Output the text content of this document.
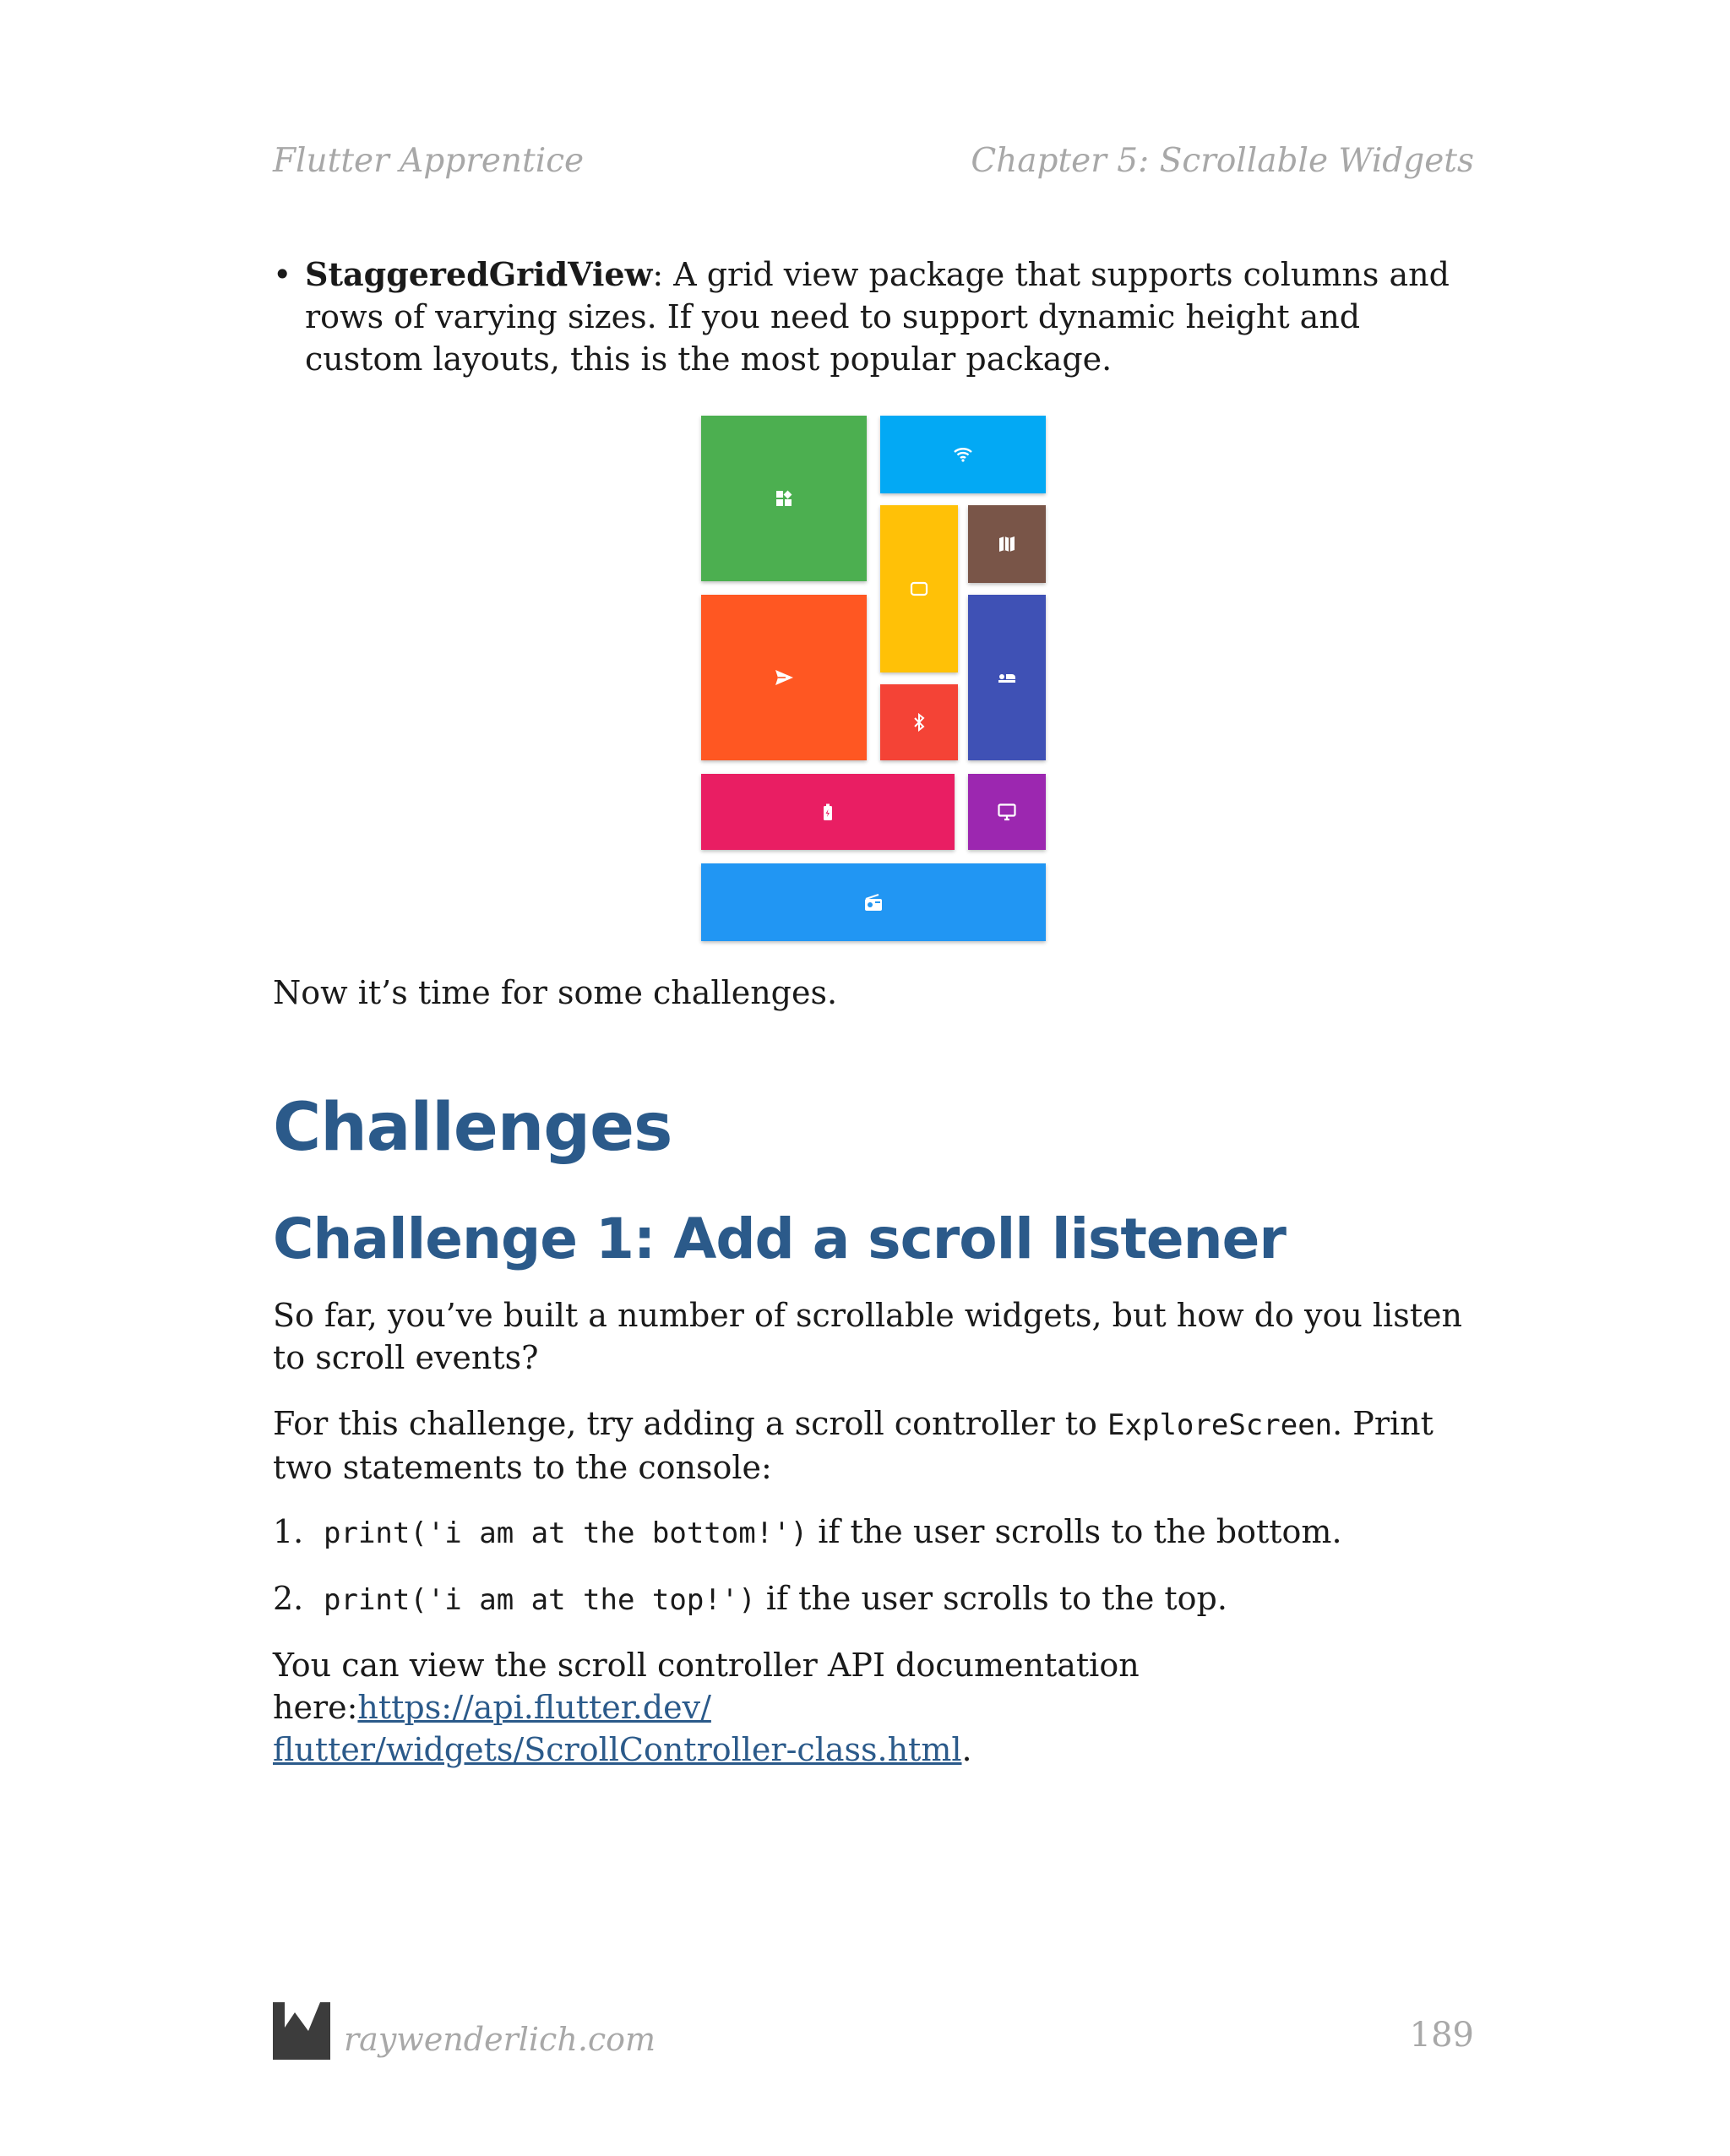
Flutter Apprentice	Chapter 5: Scrollable Widgets
• StaggeredGridView: A grid view package that supports columns and rows of varying sizes. If you need to support dynamic height and custom layouts, this is the most popular package.

Now it’s time for some challenges.

Challenges
Challenge 1: Add a scroll listener

So far, you’ve built a number of scrollable widgets, but how do you listen to scroll events?

For this challenge, try adding a scroll controller to ExploreScreen. Print two statements to the console:

1. print('i am at the bottom!') if the user scrolls to the bottom.
2. print('i am at the top!') if the user scrolls to the top.

You can view the scroll controller API documentation here:https://api.flutter.dev/
flutter/widgets/ScrollController-class.html.

raywenderlich.com	189
